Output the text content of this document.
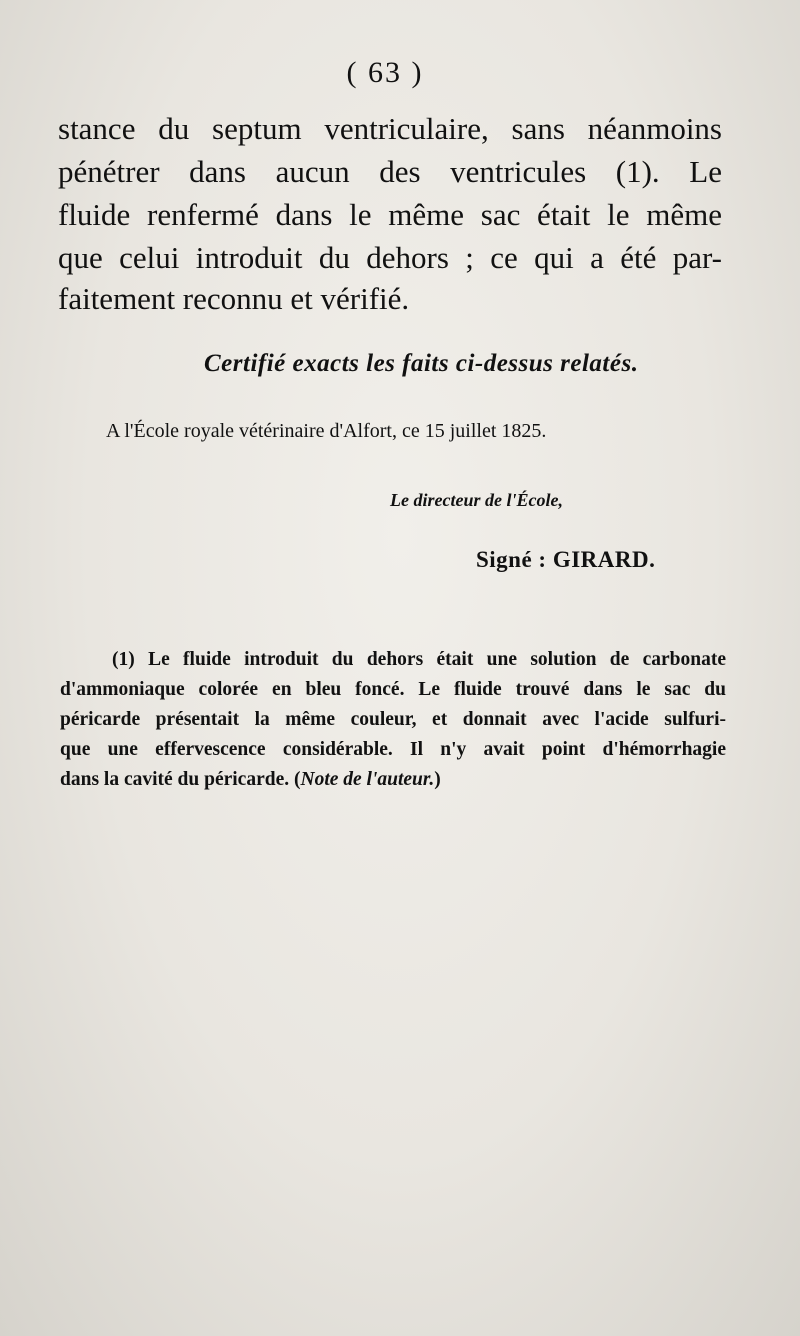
( 63 )
stance du septum ventriculaire, sans néanmoins
pénétrer dans aucun des ventricules (1). Le
fluide renfermé dans le même sac était le même
que celui introduit du dehors ; ce qui a été par-
faitement reconnu et vérifié.
Certifié exacts les faits ci-dessus relatés.
A l'École royale vétérinaire d'Alfort, ce 15 juillet 1825.
Le directeur de l'École,
Signé : GIRARD.
(1) Le fluide introduit du dehors était une solution de carbonate
d'ammoniaque colorée en bleu foncé. Le fluide trouvé dans le sac du
péricarde présentait la même couleur, et donnait avec l'acide sulfuri-
que une effervescence considérable. Il n'y avait point d'hémorrhagie
dans la cavité du péricarde. (Note de l'auteur.)
